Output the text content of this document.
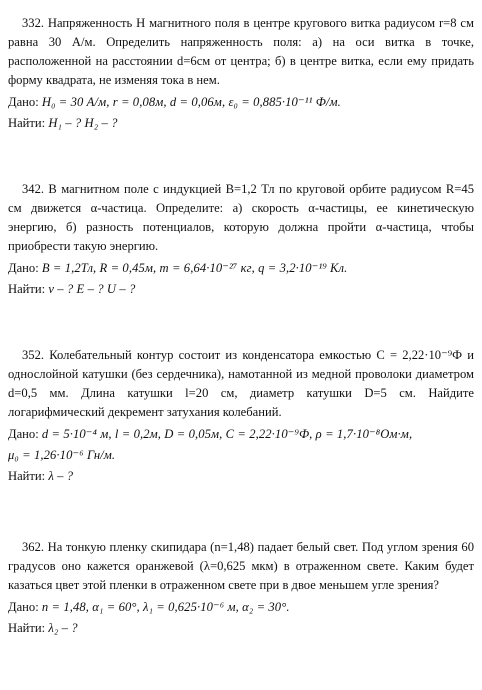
332. Напряженность Н магнитного поля в центре кругового витка радиусом r=8 см равна 30 А/м. Определить напряженность поля: а) на оси витка в точке, расположенной на расстоянии d=6см от центра; б) в центре витка, если ему придать форму квадрата, не изменяя тока в нем.

Дано: H₀ = 30 А/м, r = 0,08м, d = 0,06м, ε₀ = 0,885·10⁻¹¹ Ф/м.
Найти: H₁ – ? H₂ – ?

342. В магнитном поле с индукцией В=1,2 Тл по круговой орбите радиусом R=45 см движется α-частица. Определите: а) скорость α-частицы, ее кинетическую энергию, б) разность потенциалов, которую должна пройти α-частица, чтобы приобрести такую энергию.

Дано: B = 1,2Тл, R = 0,45м, m = 6,64·10⁻²⁷ кг, q = 3,2·10⁻¹⁹ Кл.
Найти: v – ? E – ? U – ?

352. Колебательный контур состоит из конденсатора емкостью C = 2,22·10⁻⁹Ф и однослойной катушки (без сердечника), намотанной из медной проволоки диаметром d=0,5 мм. Длина катушки l=20 см, диаметр катушки D=5 см. Найдите логарифмический декремент затухания колебаний.

Дано: d = 5·10⁻⁴ м, l = 0,2м, D = 0,05м, C = 2,22·10⁻⁹Ф, ρ = 1,7·10⁻⁸Ом·м,
μ₀ = 1,26·10⁻⁶ Гн/м.
Найти: λ – ?

362. На тонкую пленку скипидара (n=1,48) падает белый свет. Под углом зрения 60 градусов оно кажется оранжевой (λ=0,625 мкм) в отраженном свете. Каким будет казаться цвет этой пленки в отраженном свете при в двое меньшем угле зрения?

Дано: n = 1,48, α₁ = 60°, λ₁ = 0,625·10⁻⁶ м, α₂ = 30°.
Найти: λ₂ – ?
